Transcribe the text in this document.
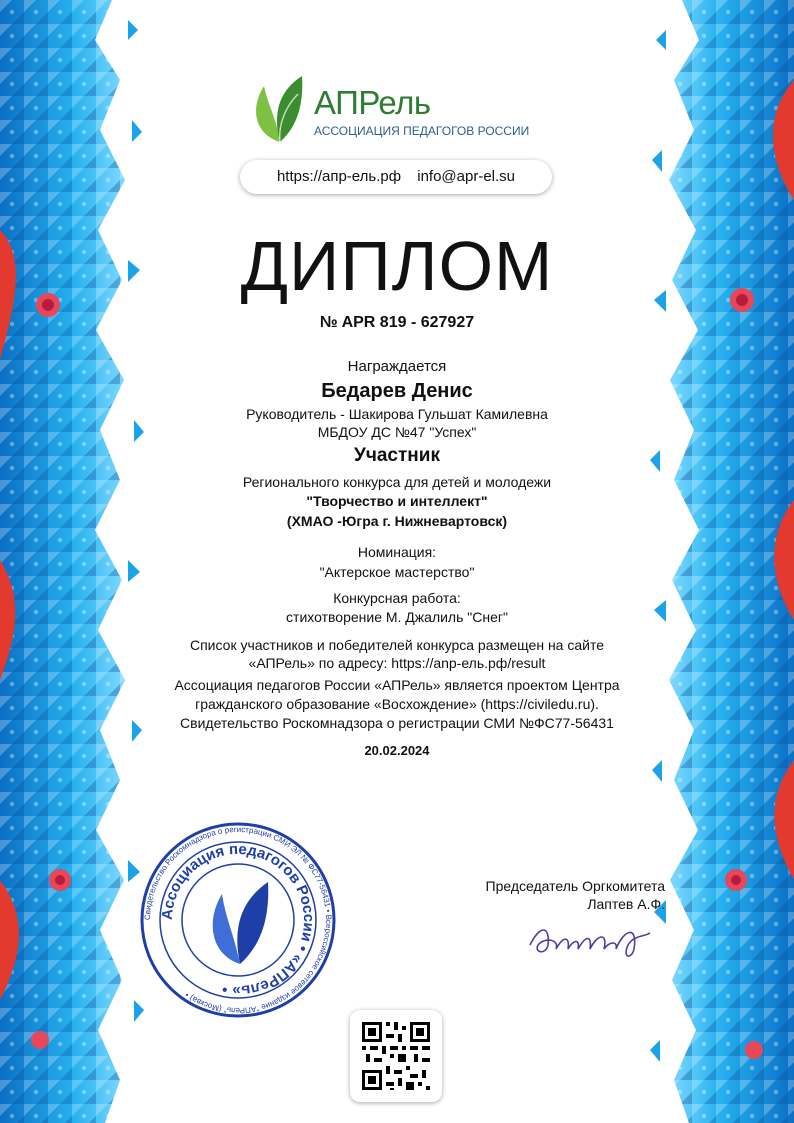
АПРель
АССОЦИАЦИЯ ПЕДАГОГОВ РОССИИ
https://апр-ель.рф info@apr-el.su
ДИПЛОМ
№ APR 819 - 627927
Награждается
Бедарев Денис
Руководитель - Шакирова Гульшат Камилевна
МБДОУ ДС №47 "Успех"
Участник
Регионального конкурса для детей и молодежи
"Творчество и интеллект"
(ХМАО -Югра г. Нижневартовск)
Номинация:
"Актерское мастерство"
Конкурсная работа:
стихотворение М. Джалиль "Снег"
Список участников и победителей конкурса размещен на сайте
«АПРель» по адресу: https://anp-ель.рф/result
Ассоциация педагогов России «АПРель» является проектом Центра
гражданского образование «Восхождение» (https://civiledu.ru).
Свидетельство Роскомнадзора о регистрации СМИ №ФС77-56431
20.02.2024
Свидетельство Роскомнадзора о регистрации СМИ ЭЛ № ФС77-56431 • Всероссийское сетевое издание "АПРель" (Москва) •
Ассоциация педагогов России • «АПРель» •
Председатель Оргкомитета
Лаптев А.Ф.
